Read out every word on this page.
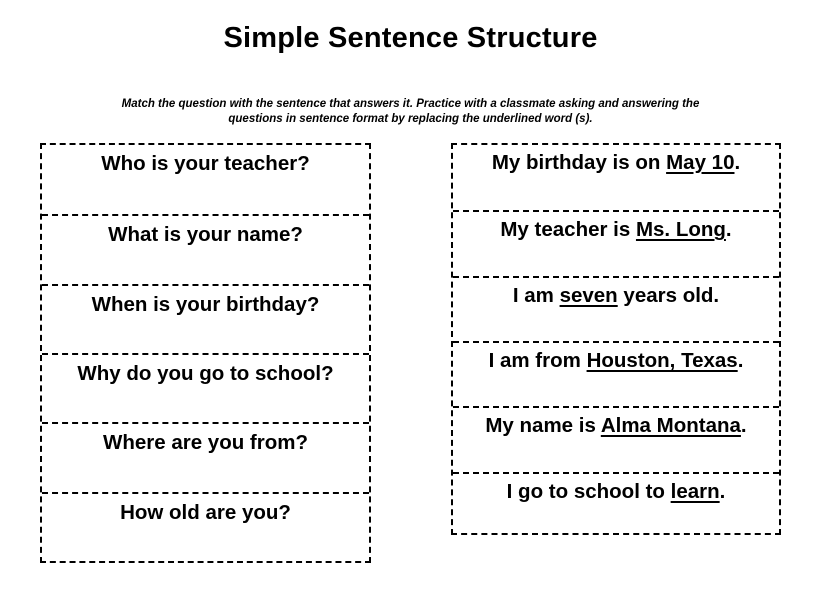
Simple Sentence Structure
Match the question with the sentence that answers it. Practice with a classmate asking and answering the
questions in sentence format by replacing the underlined word (s).
Who is your teacher?
What is your name?
When is your birthday?
Why do you go to school?
Where are you from?
How old are you?
My birthday is on May 10.
My teacher is Ms. Long.
I am seven years old.
I am from Houston, Texas.
My name is Alma Montana.
I go to school to learn.
